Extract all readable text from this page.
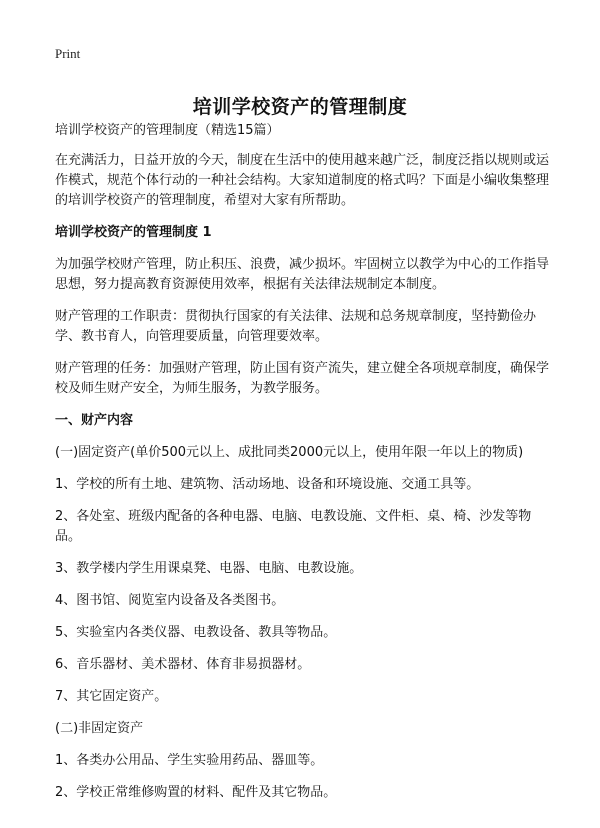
Print
培训学校资产的管理制度

培训学校资产的管理制度（精选15篇）

在充满活力，日益开放的今天，制度在生活中的使用越来越广泛，制度泛指以规则或运作模式，规范个体行动的一种社会结构。大家知道制度的格式吗？下面是小编收集整理的培训学校资产的管理制度，希望对大家有所帮助。

培训学校资产的管理制度 1

为加强学校财产管理，防止积压、浪费，减少损坏。牢固树立以教学为中心的工作指导思想，努力提高教育资源使用效率，根据有关法律法规制定本制度。

财产管理的工作职责：贯彻执行国家的有关法律、法规和总务规章制度，坚持勤俭办学、教书育人，向管理要质量，向管理要效率。

财产管理的任务：加强财产管理，防止国有资产流失，建立健全各项规章制度，确保学校及师生财产安全，为师生服务，为教学服务。

一、财产内容

(一)固定资产(单价500元以上、成批同类2000元以上，使用年限一年以上的物质)

1、学校的所有土地、建筑物、活动场地、设备和环境设施、交通工具等。

2、各处室、班级内配备的各种电器、电脑、电教设施、文件柜、桌、椅、沙发等物品。

3、教学楼内学生用课桌凳、电器、电脑、电教设施。

4、图书馆、阅览室内设备及各类图书。

5、实验室内各类仪器、电教设备、教具等物品。

6、音乐器材、美术器材、体育非易损器材。

7、其它固定资产。

(二)非固定资产

1、各类办公用品、学生实验用药品、器皿等。

2、学校正常维修购置的材料、配件及其它物品。
